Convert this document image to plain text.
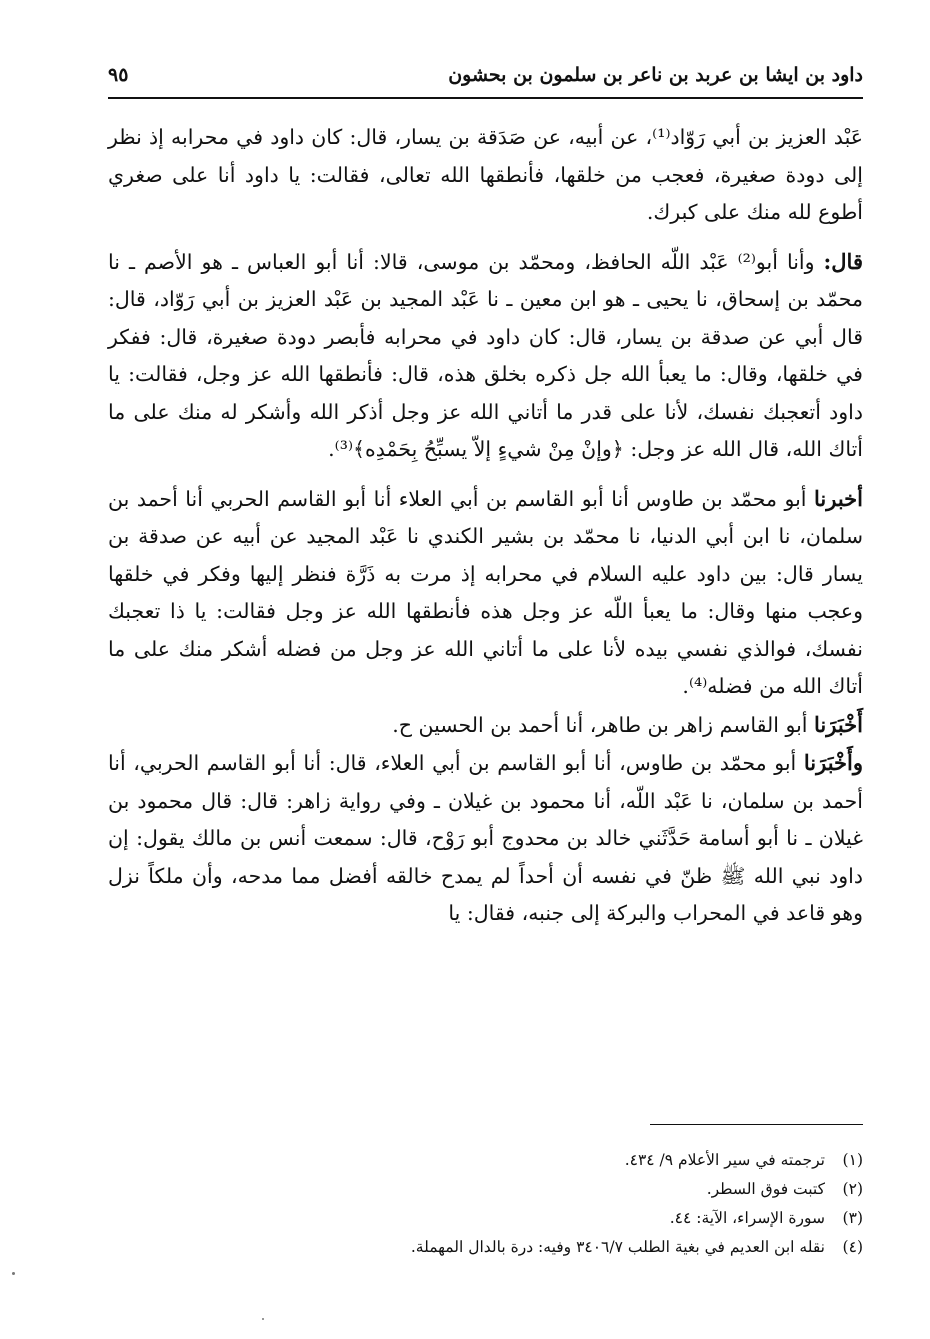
داود بن ايشا بن عربد بن ناعر بن سلمون بن بحشون
٩٥

عَبْد العزيز بن أبي رَوّاد⁽¹⁾، عن أبيه، عن صَدَقة بن يسار، قال: كان داود في محرابه إذ نظر إلى دودة صغيرة، فعجب من خلقها، فأنطقها الله تعالى، فقالت: يا داود أنا على صغري أطوع لله منك على كبرك.

قال: وأنا أبو⁽²⁾ عَبْد اللّه الحافظ، ومحمّد بن موسى، قالا: أنا أبو العباس ـ هو الأصم ـ نا محمّد بن إسحاق، نا يحيى ـ هو ابن معين ـ نا عَبْد المجيد بن عَبْد العزيز بن أبي رَوّاد، قال: قال أبي عن صدقة بن يسار، قال: كان داود في محرابه فأبصر دودة صغيرة، قال: ففكر في خلقها، وقال: ما يعبأ الله جل ذكره بخلق هذه، قال: فأنطقها الله عز وجل، فقالت: يا داود أتعجبك نفسك، لأنا على قدر ما أتاني الله عز وجل أذكر الله وأشكر له منك على ما أتاك الله، قال الله عز وجل: ﴿وإنْ مِنْ شيءٍ إلاّ يسبِّحُ بِحَمْدِه﴾⁽³⁾.

أخبرنا أبو محمّد بن طاوس أنا أبو القاسم بن أبي العلاء أنا أبو القاسم الحربي أنا أحمد بن سلمان، نا ابن أبي الدنيا، نا محمّد بن بشير الكندي نا عَبْد المجيد عن أبيه عن صدقة بن يسار قال: بين داود عليه السلام في محرابه إذ مرت به ذَرَّة فنظر إليها وفكر في خلقها وعجب منها وقال: ما يعبأ اللّه عز وجل هذه فأنطقها الله عز وجل فقالت: يا ذا تعجبك نفسك، فوالذي نفسي بيده لأنا على ما أتاني الله عز وجل من فضله أشكر منك على ما أتاك الله من فضله⁽⁴⁾.

أَخْبَرَنا أبو القاسم زاهر بن طاهر، أنا أحمد بن الحسين ح.

وأَخْبَرَنا أبو محمّد بن طاوس، أنا أبو القاسم بن أبي العلاء، قال: أنا أبو القاسم الحربي، أنا أحمد بن سلمان، نا عَبْد اللّه، أنا محمود بن غيلان ـ وفي رواية زاهر: قال: قال محمود بن غيلان ـ نا أبو أسامة حَدَّثَني خالد بن محدوج أبو رَوْح، قال: سمعت أنس بن مالك يقول: إن داود نبي الله ﷺ ظنّ في نفسه أن أحداً لم يمدح خالقه أفضل مما مدحه، وأن ملكاً نزل وهو قاعد في المحراب والبركة إلى جنبه، فقال: يا

(١)ترجمته في سير الأعلام ٩/ ٤٣٤.

(٢)كتبت فوق السطر.

(٣)سورة الإسراء، الآية: ٤٤.

(٤)نقله ابن العديم في بغية الطلب ٣٤٠٦/٧ وفيه: درة بالدال المهملة.
